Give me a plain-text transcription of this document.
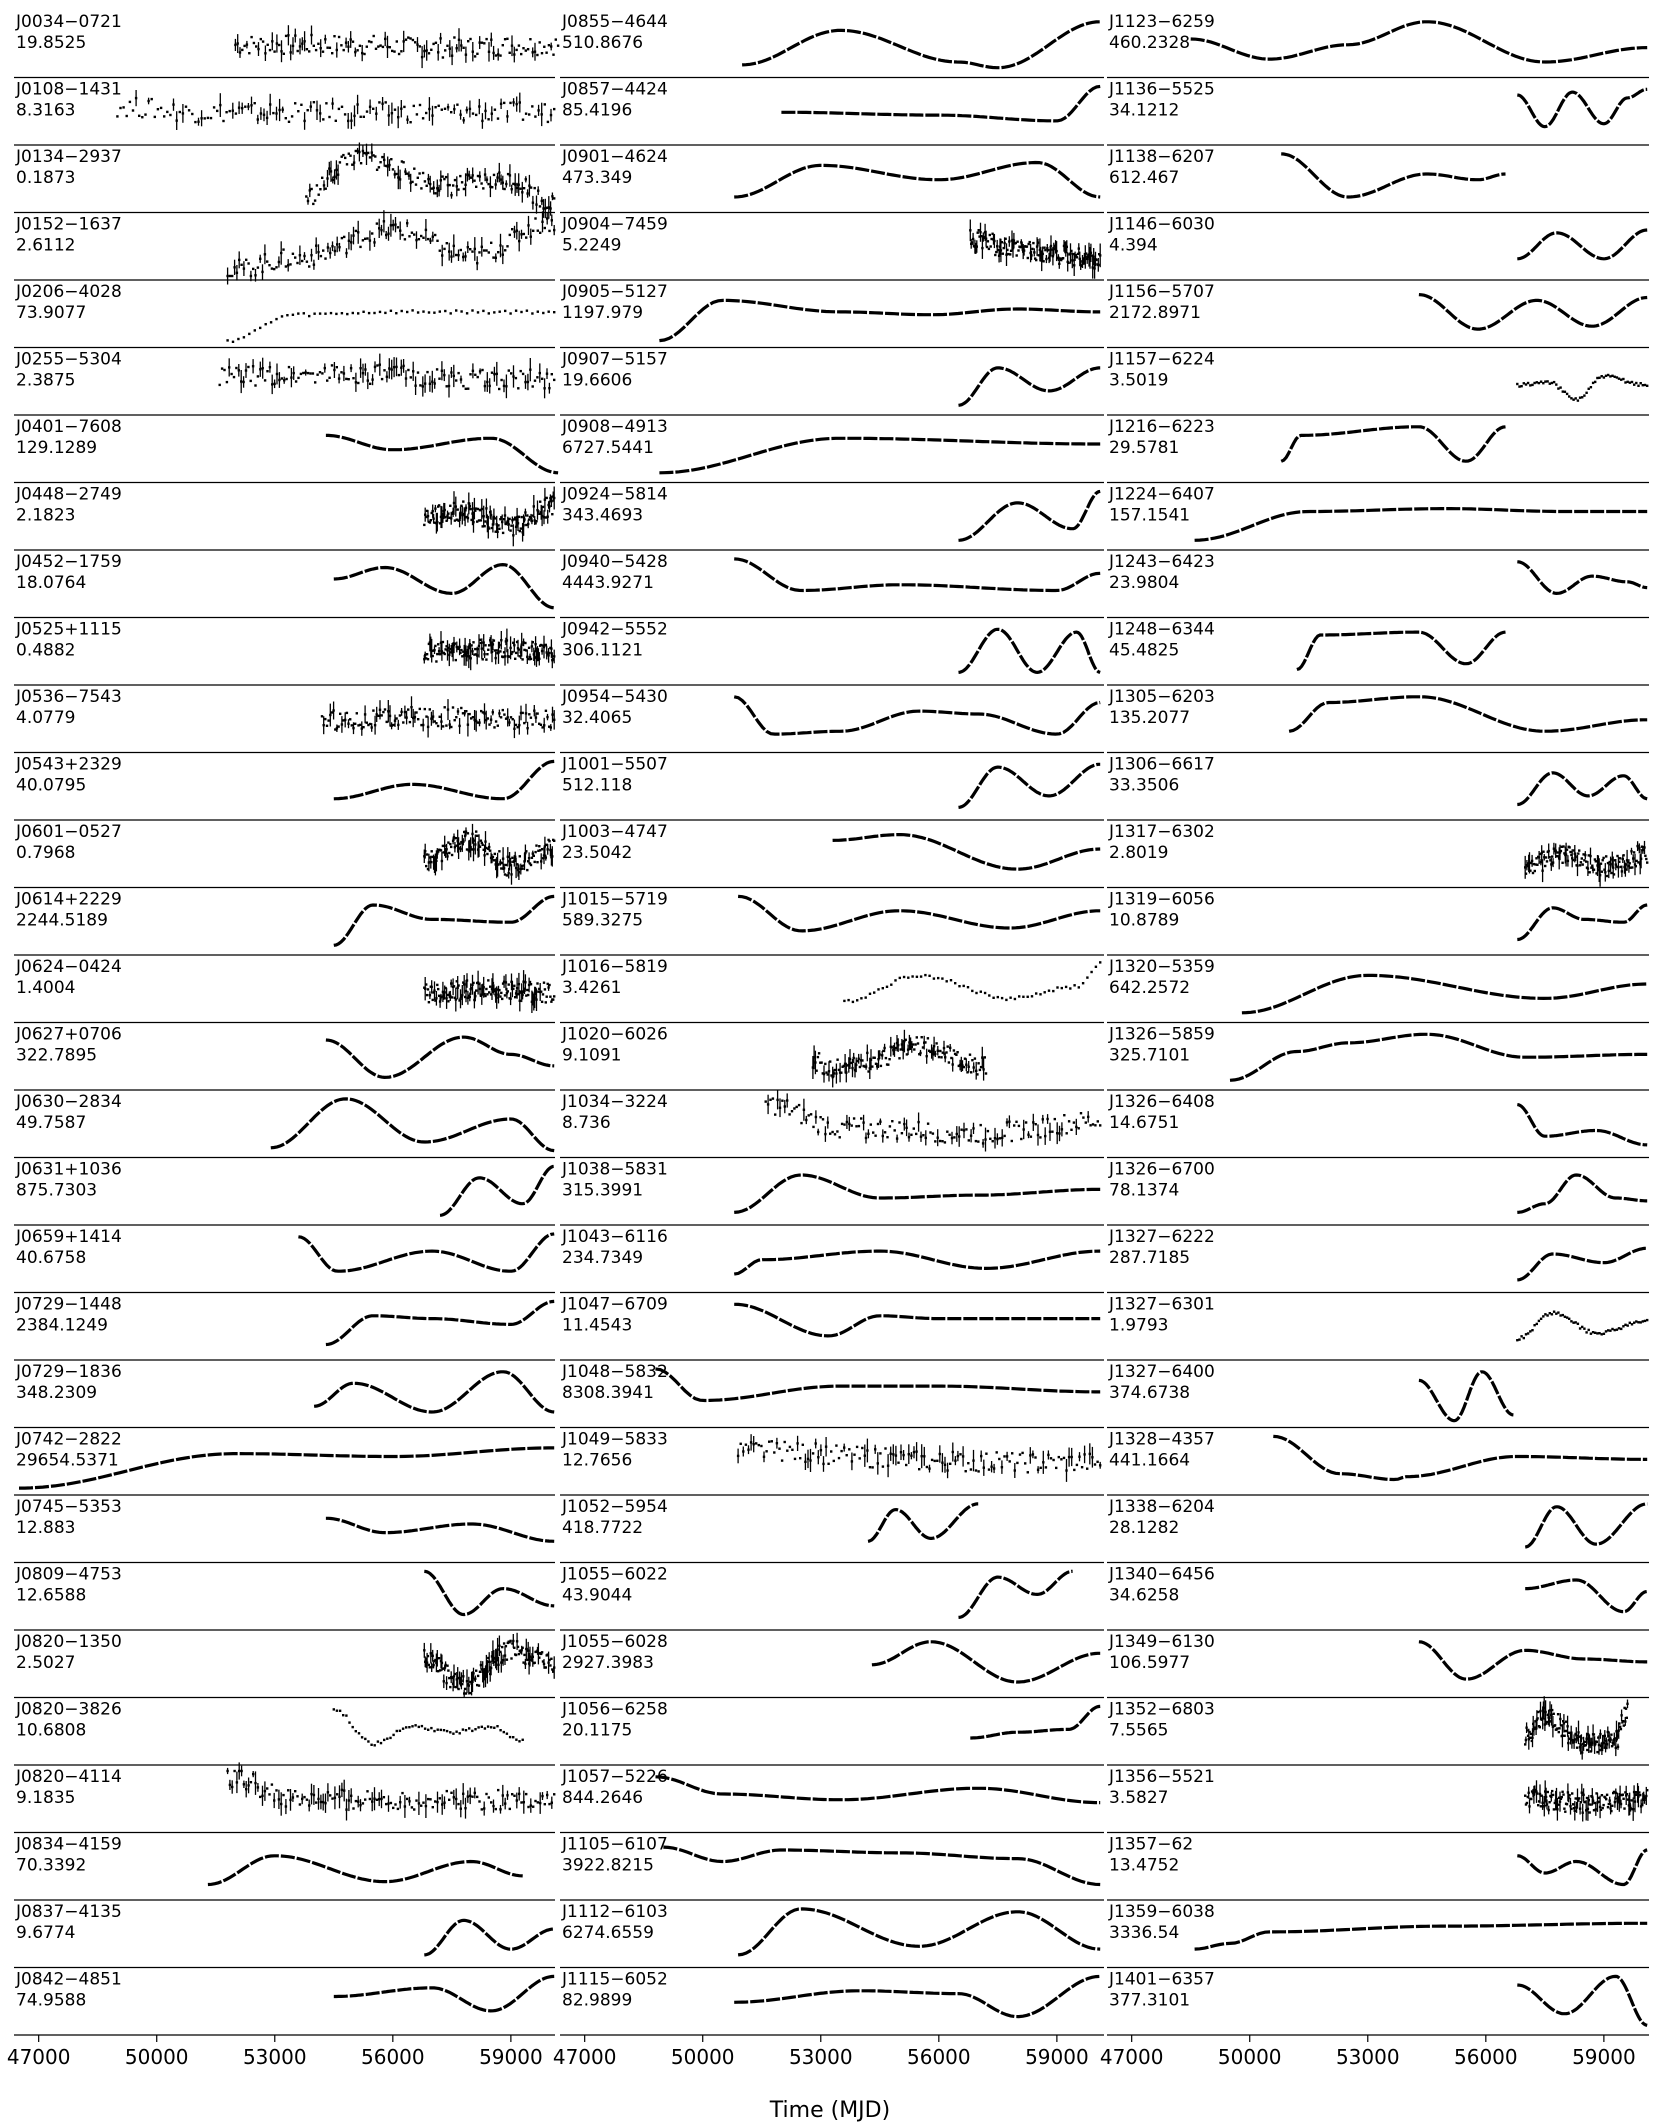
J0034−0721
19.8525
J0108−1431
8.3163
J0134−2937
0.1873
J0152−1637
2.6112
J0206−4028
73.9077
J0255−5304
2.3875
J0401−7608
129.1289
J0448−2749
2.1823
J0452−1759
18.0764
J0525+1115
0.4882
J0536−7543
4.0779
J0543+2329
40.0795
J0601−0527
0.7968
J0614+2229
2244.5189
J0624−0424
1.4004
J0627+0706
322.7895
J0630−2834
49.7587
J0631+1036
875.7303
J0659+1414
40.6758
J0729−1448
2384.1249
J0729−1836
348.2309
J0742−2822
29654.5371
J0745−5353
12.883
J0809−4753
12.6588
J0820−1350
2.5027
J0820−3826
10.6808
J0820−4114
9.1835
J0834−4159
70.3392
J0837−4135
9.6774
J0842−4851
74.9588
J0855−4644
510.8676
J0857−4424
85.4196
J0901−4624
473.349
J0904−7459
5.2249
J0905−5127
1197.979
J0907−5157
19.6606
J0908−4913
6727.5441
J0924−5814
343.4693
J0940−5428
4443.9271
J0942−5552
306.1121
J0954−5430
32.4065
J1001−5507
512.118
J1003−4747
23.5042
J1015−5719
589.3275
J1016−5819
3.4261
J1020−6026
9.1091
J1034−3224
8.736
J1038−5831
315.3991
J1043−6116
234.7349
J1047−6709
11.4543
J1048−5832
8308.3941
J1049−5833
12.7656
J1052−5954
418.7722
J1055−6022
43.9044
J1055−6028
2927.3983
J1056−6258
20.1175
J1057−5226
844.2646
J1105−6107
3922.8215
J1112−6103
6274.6559
J1115−6052
82.9899
J1123−6259
460.2328
J1136−5525
34.1212
J1138−6207
612.467
J1146−6030
4.394
J1156−5707
2172.8971
J1157−6224
3.5019
J1216−6223
29.5781
J1224−6407
157.1541
J1243−6423
23.9804
J1248−6344
45.4825
J1305−6203
135.2077
J1306−6617
33.3506
J1317−6302
2.8019
J1319−6056
10.8789
J1320−5359
642.2572
J1326−5859
325.7101
J1326−6408
14.6751
J1326−6700
78.1374
J1327−6222
287.7185
J1327−6301
1.9793
J1327−6400
374.6738
J1328−4357
441.1664
J1338−6204
28.1282
J1340−6456
34.6258
J1349−6130
106.5977
J1352−6803
7.5565
J1356−5521
3.5827
J1357−62
13.4752
J1359−6038
3336.54
J1401−6357
377.3101
47000	50000	53000	56000	59000 47000	50000	53000	56000	59000 47000	50000	53000	56000	59000
Time (MJD)
